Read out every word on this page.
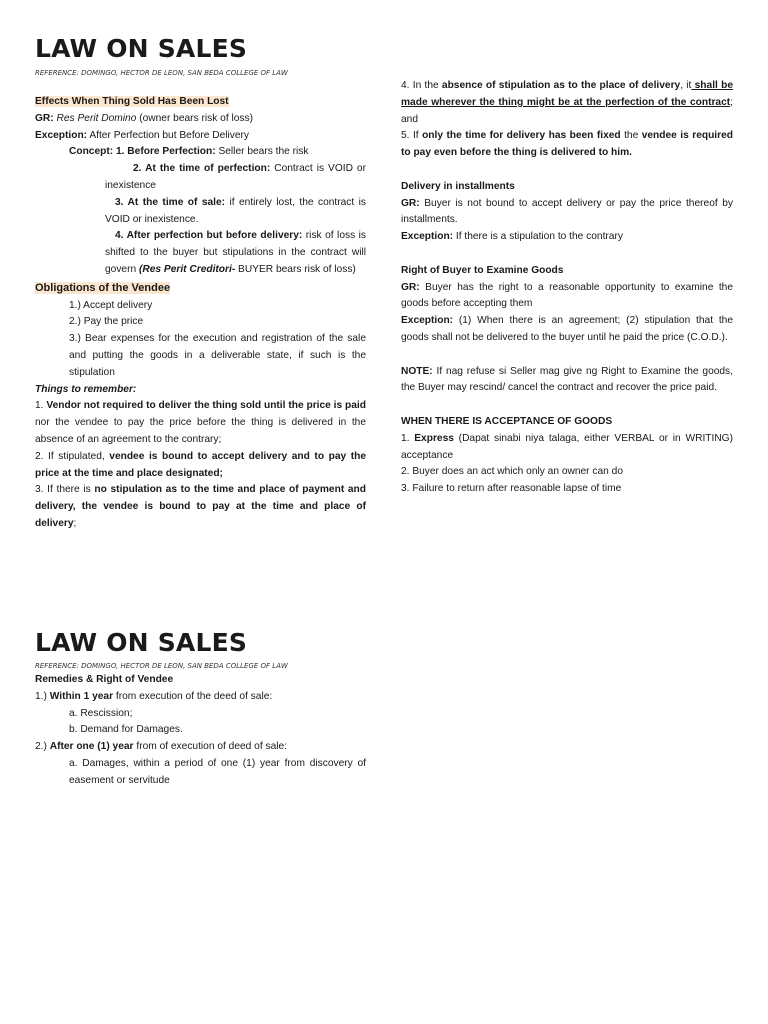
LAW ON SALES

REFERENCE: DOMINGO, HECTOR DE LEON, SAN BEDA COLLEGE OF LAW

Effects When Thing Sold Has Been Lost

GR: Res Perit Domino (owner bears risk of loss)

Exception: After Perfection but Before Delivery

Concept: 1. Before Perfection: Seller bears the risk

2. At the time of perfection: Contract is VOID or inexistence

3. At the time of sale: if entirely lost, the contract is VOID or inexistence.

4. After perfection but before delivery: risk of loss is shifted to the buyer but stipulations in the contract will govern (Res Perit Creditori- BUYER bears risk of loss)

Obligations of the Vendee

1.) Accept delivery

2.) Pay the price

3.) Bear expenses for the execution and registration of the sale and putting the goods in a deliverable state, if such is the stipulation

Things to remember:

1. Vendor not required to deliver the thing sold until the price is paid nor the vendee to pay the price before the thing is delivered in the absence of an agreement to the contrary;

2. If stipulated, vendee is bound to accept delivery and to pay the price at the time and place designated;

3. If there is no stipulation as to the time and place of payment and delivery, the vendee is bound to pay at the time and place of delivery;

4. In the absence of stipulation as to the place of delivery, it shall be made wherever the thing might be at the perfection of the contract; and

5. If only the time for delivery has been fixed the vendee is required to pay even before the thing is delivered to him.

Delivery in installments

GR: Buyer is not bound to accept delivery or pay the price thereof by installments.

Exception: If there is a stipulation to the contrary

Right of Buyer to Examine Goods

GR: Buyer has the right to a reasonable opportunity to examine the goods before accepting them

Exception: (1) When there is an agreement; (2) stipulation that the goods shall not be delivered to the buyer until he paid the price (C.O.D.).

NOTE: If nag refuse si Seller mag give ng Right to Examine the goods, the Buyer may rescind/ cancel the contract and recover the price paid.

WHEN THERE IS ACCEPTANCE OF GOODS

1. Express (Dapat sinabi niya talaga, either VERBAL or in WRITING) acceptance

2. Buyer does an act which only an owner can do

3. Failure to return after reasonable lapse of time

LAW ON SALES

REFERENCE: DOMINGO, HECTOR DE LEON, SAN BEDA COLLEGE OF LAW

Remedies & Right of Vendee

1.) Within 1 year from execution of the deed of sale:

a. Rescission;

b. Demand for Damages.

2.) After one (1) year from of execution of deed of sale:

a. Damages, within a period of one (1) year from discovery of easement or servitude
